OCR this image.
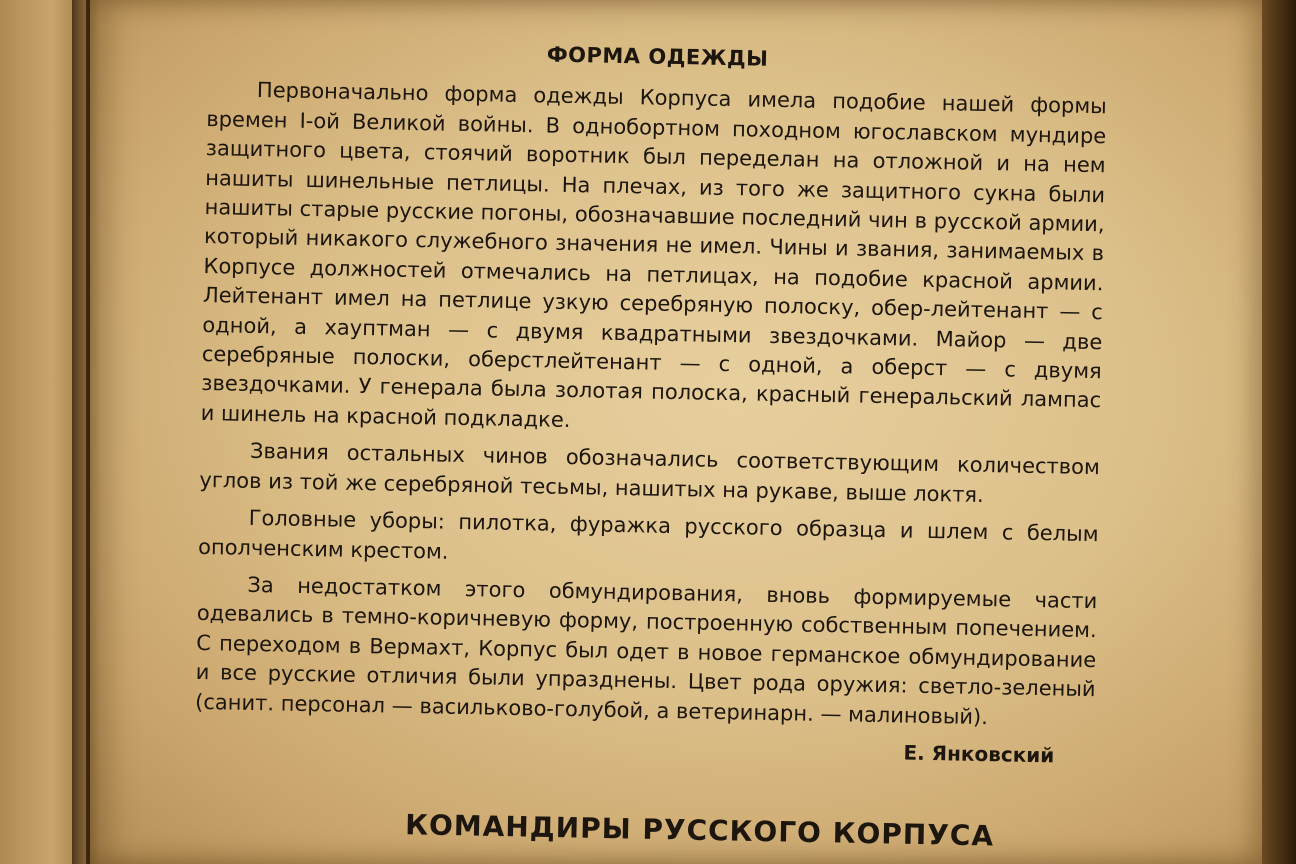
ФОРМА ОДЕЖДЫ

Первоначально форма одежды Корпуса имела подобие нашей формы времен I-ой Великой войны. В однобортном походном югославском мундире защитного цвета, стоячий воротник был переделан на отложной и на нем нашиты шинельные петлицы. На плечах, из того же защитного сукна были нашиты старые русские погоны, обозначавшие последний чин в русской армии, который никакого служебного значения не имел. Чины и звания, занимаемых в Корпусе должностей отмечались на петлицах, на подобие красной армии. Лейтенант имел на петлице узкую серебряную полоску, обер-лейтенант — с одной, а хауптман — с двумя квадратными звездочками. Майор — две серебряные полоски, оберстлейтенант — с одной, а оберст — с двумя звездочками. У генерала была золотая полоска, красный генеральский лампас и шинель на красной подкладке.

Звания остальных чинов обозначались соответствующим количеством углов из той же серебряной тесьмы, нашитых на рукаве, выше локтя.

Головные уборы: пилотка, фуражка русского образца и шлем с белым ополченским крестом.

За недостатком этого обмундирования, вновь формируемые части одевались в темно-коричневую форму, построенную собственным попечением. С переходом в Вермахт, Корпус был одет в новое германское обмундирование и все русские отличия были упразднены. Цвет рода оружия: светло-зеленый (санит. персонал — васильково-голубой, а ветеринарн. — малиновый).

Е. Янковский
КОМАНДИРЫ РУССКОГО КОРПУСА
